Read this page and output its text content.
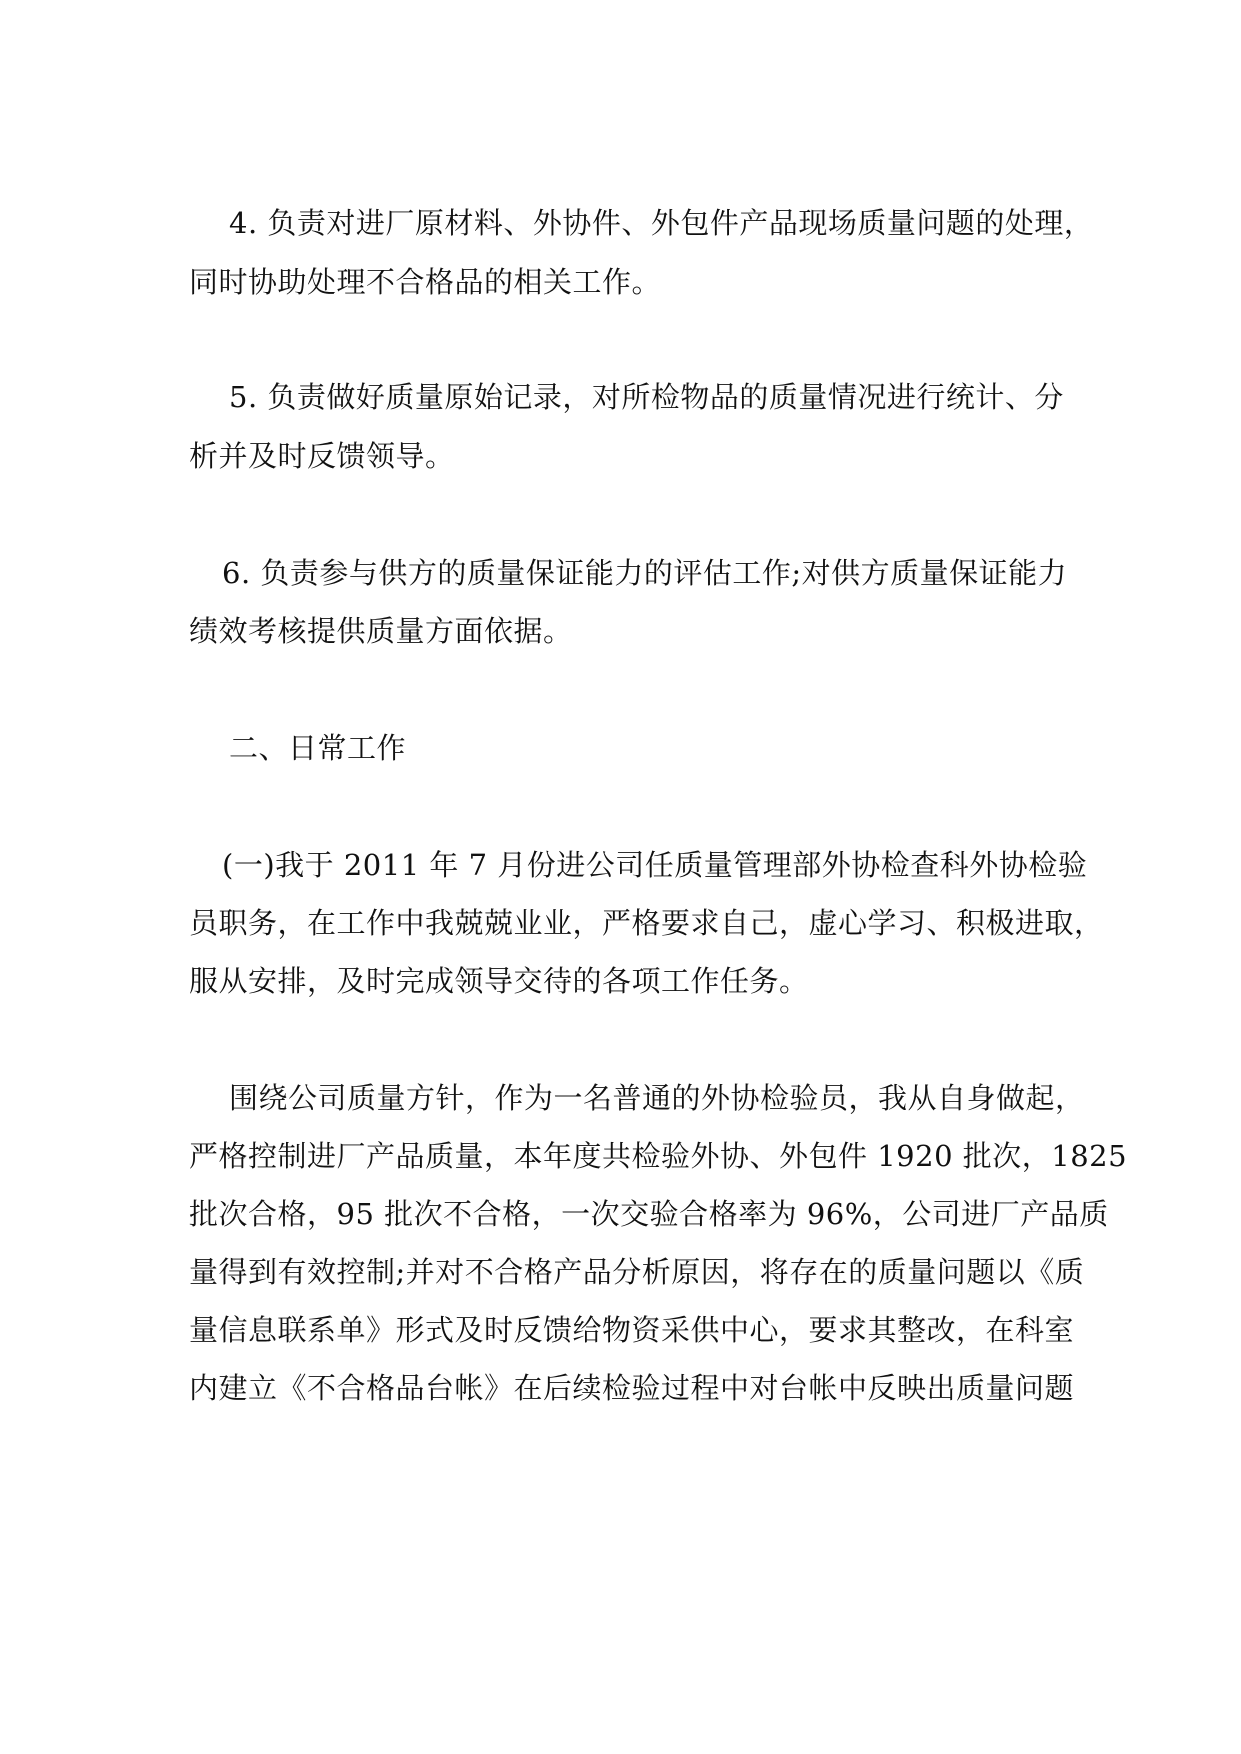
4. 负责对进厂原材料、外协件、外包件产品现场质量问题的处理，
同时协助处理不合格品的相关工作。
5. 负责做好质量原始记录，对所检物品的质量情况进行统计、分
析并及时反馈领导。
6. 负责参与供方的质量保证能力的评估工作;对供方质量保证能力
绩效考核提供质量方面依据。
二、日常工作
(一)我于 2011 年 7 月份进公司任质量管理部外协检查科外协检验
员职务，在工作中我兢兢业业，严格要求自己，虚心学习、积极进取，
服从安排，及时完成领导交待的各项工作任务。
围绕公司质量方针，作为一名普通的外协检验员，我从自身做起，
严格控制进厂产品质量，本年度共检验外协、外包件 1920 批次，1825
批次合格，95 批次不合格，一次交验合格率为 96%，公司进厂产品质
量得到有效控制;并对不合格产品分析原因，将存在的质量问题以《质
量信息联系单》形式及时反馈给物资采供中心，要求其整改，在科室
内建立《不合格品台帐》在后续检验过程中对台帐中反映出质量问题
